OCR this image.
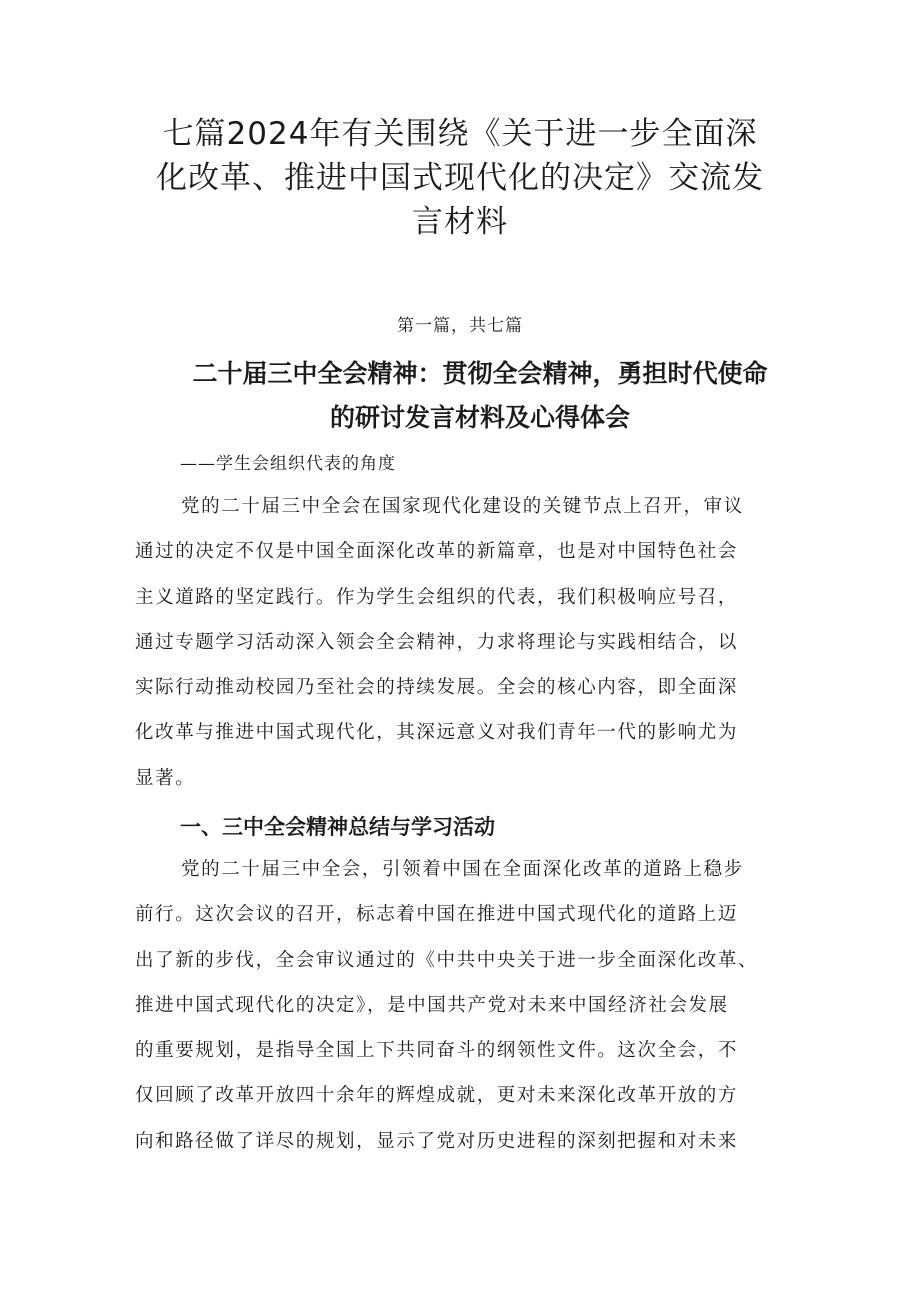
七篇2024年有关围绕《关于进一步全面深
化改革、推进中国式现代化的决定》交流发
言材料
第一篇，共七篇
二十届三中全会精神：贯彻全会精神，勇担时代使命
的研讨发言材料及心得体会
——学生会组织代表的角度
党的二十届三中全会在国家现代化建设的关键节点上召开，审议
通过的决定不仅是中国全面深化改革的新篇章，也是对中国特色社会
主义道路的坚定践行。作为学生会组织的代表，我们积极响应号召，
通过专题学习活动深入领会全会精神，力求将理论与实践相结合，以
实际行动推动校园乃至社会的持续发展。全会的核心内容，即全面深
化改革与推进中国式现代化，其深远意义对我们青年一代的影响尤为
显著。
一、三中全会精神总结与学习活动
党的二十届三中全会，引领着中国在全面深化改革的道路上稳步
前行。这次会议的召开，标志着中国在推进中国式现代化的道路上迈
出了新的步伐，全会审议通过的《中共中央关于进一步全面深化改革、
推进中国式现代化的决定》，是中国共产党对未来中国经济社会发展
的重要规划，是指导全国上下共同奋斗的纲领性文件。这次全会，不
仅回顾了改革开放四十余年的辉煌成就，更对未来深化改革开放的方
向和路径做了详尽的规划，显示了党对历史进程的深刻把握和对未来
